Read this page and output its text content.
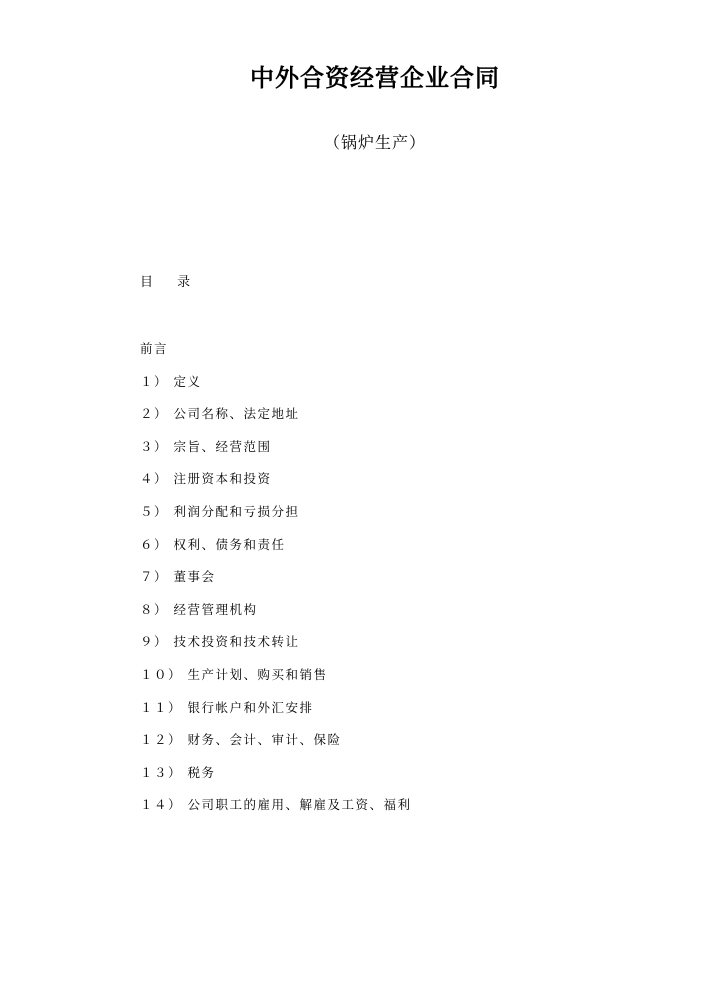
中外合资经营企业合同
（锅炉生产）
目 录
前言
１） 定义
２） 公司名称、法定地址
３） 宗旨、经营范围
４） 注册资本和投资
５） 利润分配和亏损分担
６） 权利、债务和责任
７） 董事会
８） 经营管理机构
９） 技术投资和技术转让
１０） 生产计划、购买和销售
１１） 银行帐户和外汇安排
１２） 财务、会计、审计、保险
１３） 税务
１４） 公司职工的雇用、解雇及工资、福利
